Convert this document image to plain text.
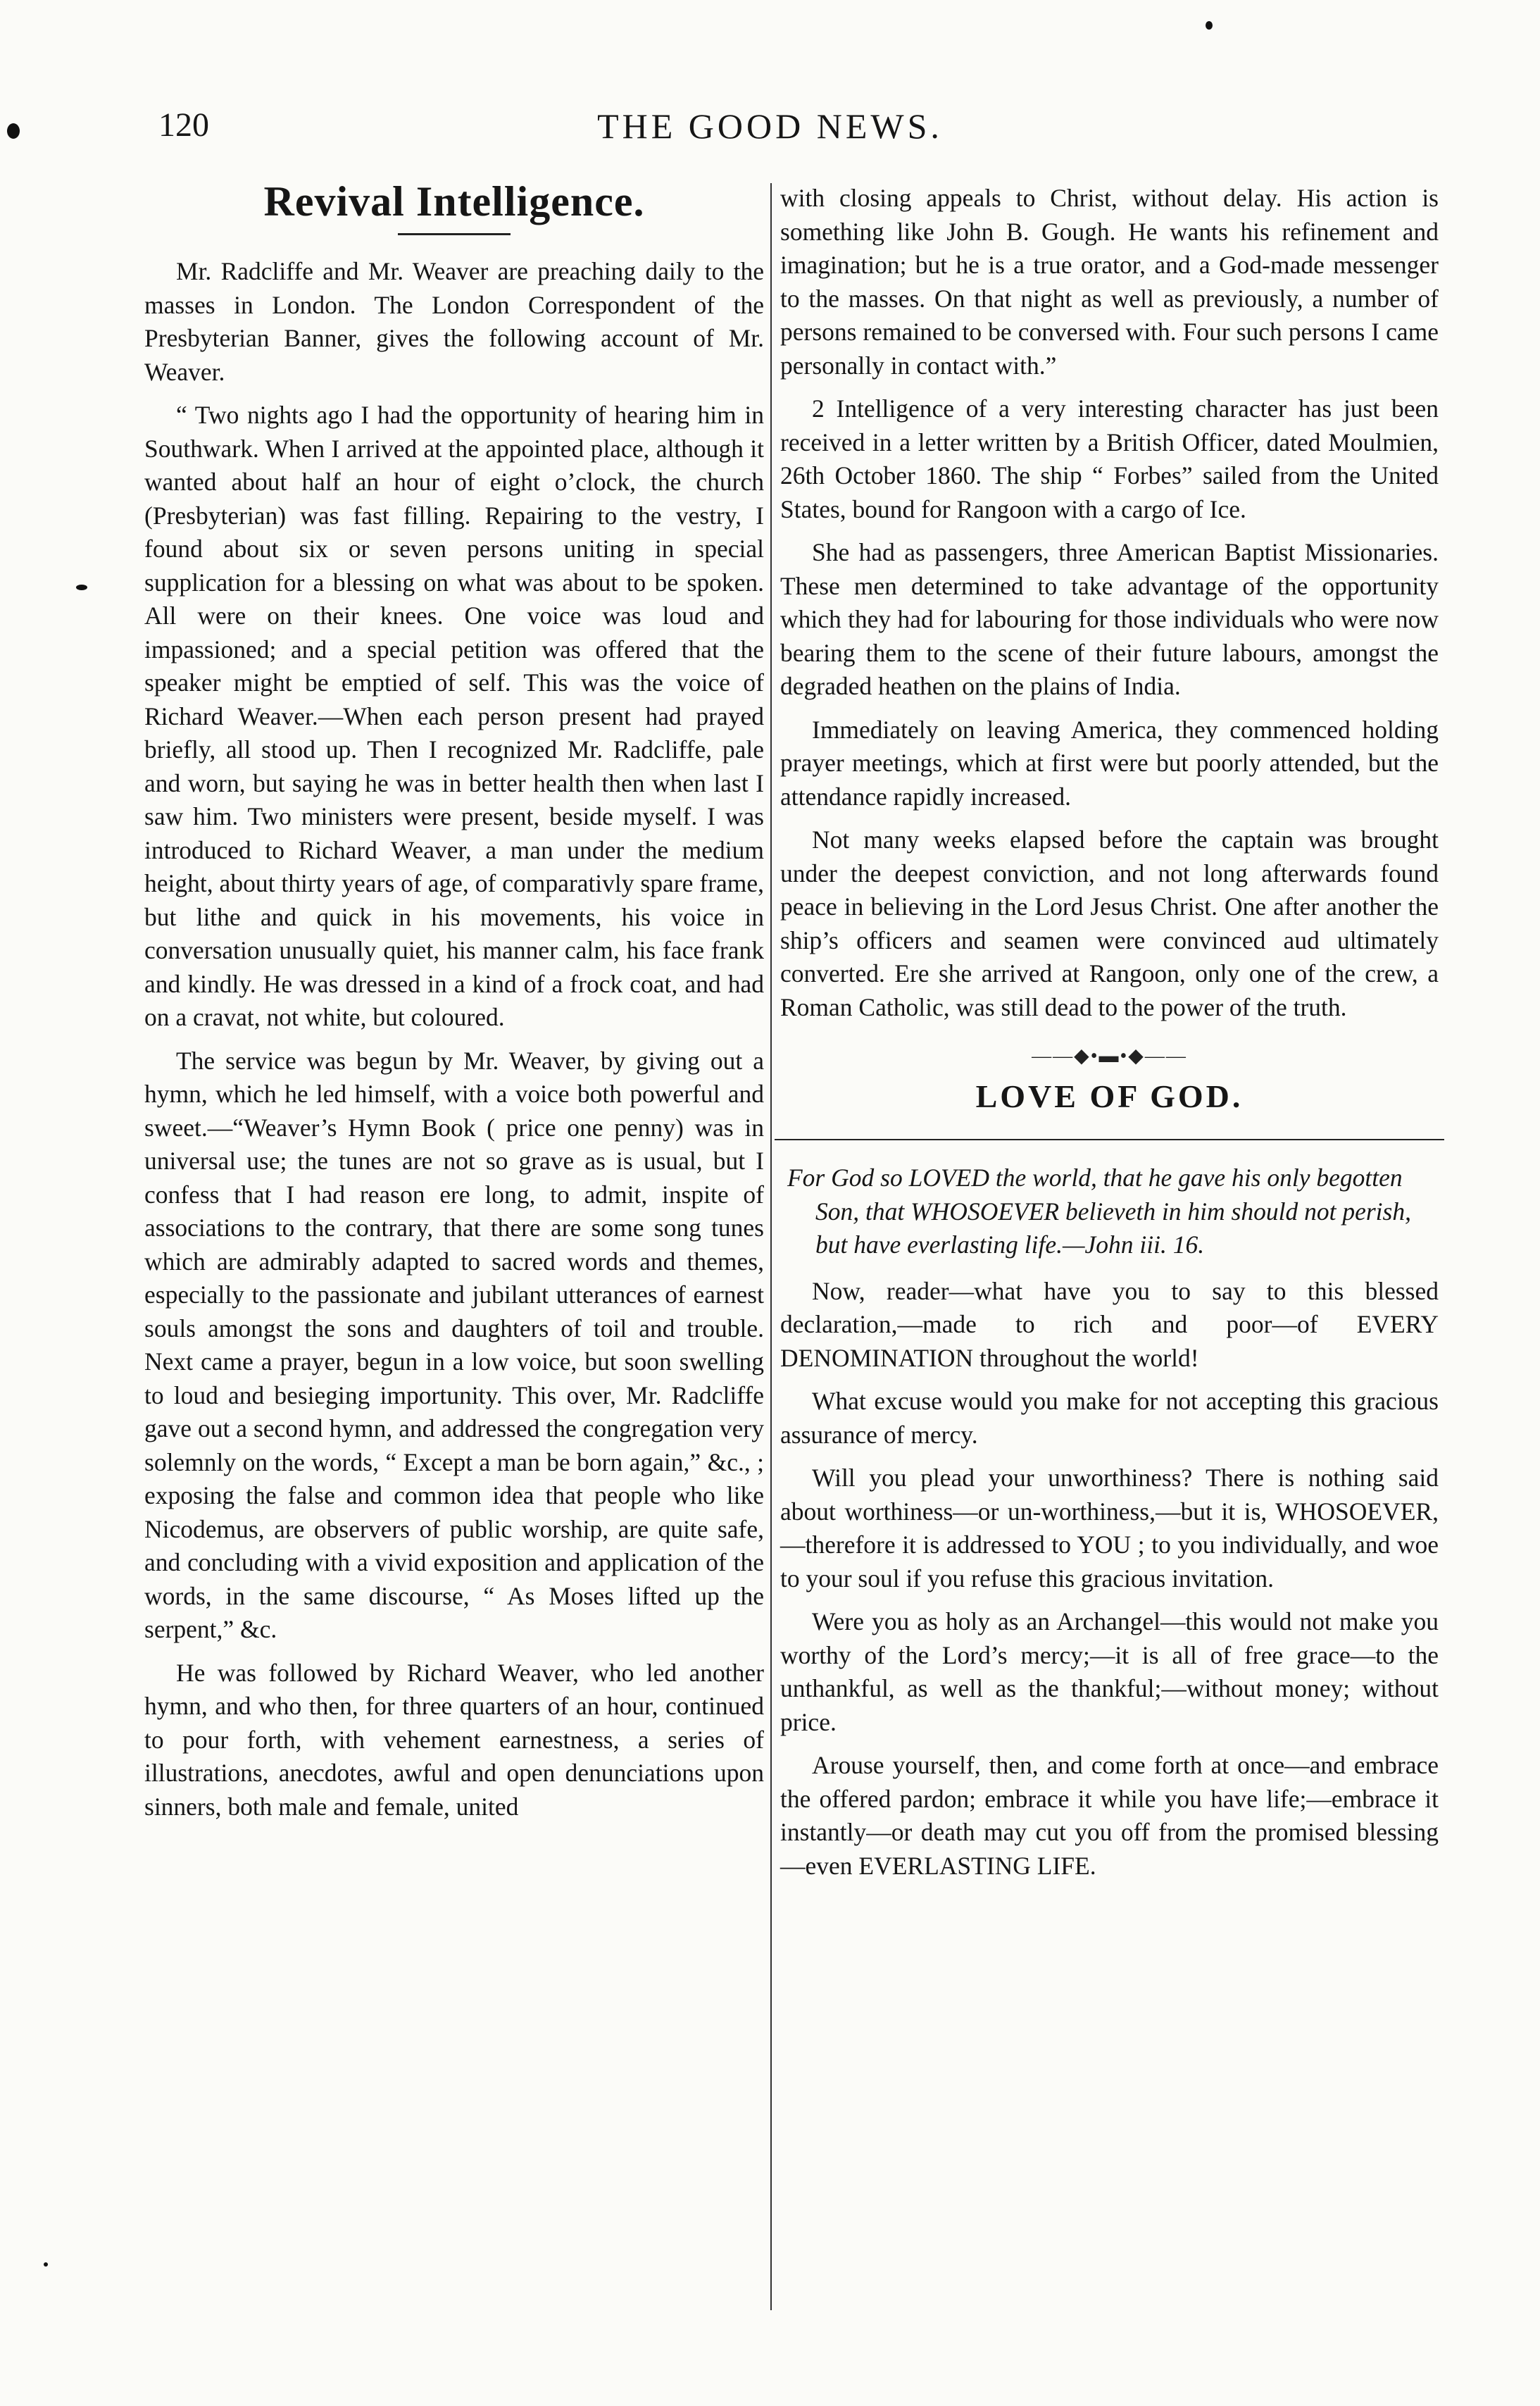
120	THE GOOD NEWS.
Revival Intelligence.

Mr. Radcliffe and Mr. Weaver are preaching daily to the masses in London. The London Correspondent of the Presbyterian Banner, gives the following account of Mr. Weaver.

“ Two nights ago I had the opportunity of hearing him in Southwark. When I arrived at the appointed place, although it wanted about half an hour of eight o’clock, the church (Presbyterian) was fast filling. Repairing to the vestry, I found about six or seven persons uniting in special supplication for a blessing on what was about to be spoken. All were on their knees. One voice was loud and impassioned; and a special petition was offered that the speaker might be emptied of self. This was the voice of Richard Weaver.—When each person present had prayed briefly, all stood up. Then I recognized Mr. Radcliffe, pale and worn, but saying he was in better health then when last I saw him. Two ministers were present, beside myself. I was introduced to Richard Weaver, a man under the medium height, about thirty years of age, of comparativly spare frame, but lithe and quick in his movements, his voice in conversation unusually quiet, his manner calm, his face frank and kindly. He was dressed in a kind of a frock coat, and had on a cravat, not white, but coloured.

The service was begun by Mr. Weaver, by giving out a hymn, which he led himself, with a voice both powerful and sweet.—“Weaver’s Hymn Book ( price one penny) was in universal use; the tunes are not so grave as is usual, but I confess that I had reason ere long, to admit, inspite of associations to the contrary, that there are some song tunes which are admirably adapted to sacred words and themes, especially to the passionate and jubilant utterances of earnest souls amongst the sons and daughters of toil and trouble. Next came a prayer, begun in a low voice, but soon swelling to loud and besieging importunity. This over, Mr. Radcliffe gave out a second hymn, and addressed the congregation very solemnly on the words, “ Except a man be born again,” &c., ; exposing the false and common idea that people who like Nicodemus, are observers of public worship, are quite safe, and concluding with a vivid exposition and application of the words, in the same discourse, “ As Moses lifted up the serpent,” &c.

He was followed by Richard Weaver, who led another hymn, and who then, for three quarters of an hour, continued to pour forth, with vehement earnestness, a series of illustrations, anecdotes, awful and open denunciations upon sinners, both male and female, united

with closing appeals to Christ, without delay. His action is something like John B. Gough. He wants his refinement and imagination; but he is a true orator, and a God-made messenger to the masses. On that night as well as previously, a number of persons remained to be conversed with. Four such persons I came personally in contact with.”

2 Intelligence of a very interesting character has just been received in a letter written by a British Officer, dated Moulmien, 26th October 1860. The ship “ Forbes” sailed from the United States, bound for Rangoon with a cargo of Ice.

She had as passengers, three American Baptist Missionaries. These men determined to take advantage of the opportunity which they had for labouring for those individuals who were now bearing them to the scene of their future labours, amongst the degraded heathen on the plains of India.

Immediately on leaving America, they commenced holding prayer meetings, which at first were but poorly attended, but the attendance rapidly increased.

Not many weeks elapsed before the captain was brought under the deepest conviction, and not long afterwards found peace in believing in the Lord Jesus Christ. One after another the ship’s officers and seamen were convinced aud ultimately converted. Ere she arrived at Rangoon, only one of the crew, a Roman Catholic, was still dead to the power of the truth.

——◆•▬•◆——
LOVE OF GOD.

For God so LOVED the world, that he gave his only begotten Son, that WHOSOEVER believeth in him should not perish, but have everlasting life.—John iii. 16.

Now, reader—what have you to say to this blessed declaration,—made to rich and poor—of EVERY DENOMINATION throughout the world!

What excuse would you make for not accepting this gracious assurance of mercy.

Will you plead your unworthiness? There is nothing said about worthiness—or un-worthiness,—but it is, WHOSOEVER,—therefore it is addressed to YOU ; to you individually, and woe to your soul if you refuse this gracious invitation.

Were you as holy as an Archangel—this would not make you worthy of the Lord’s mercy;—it is all of free grace—to the unthankful, as well as the thankful;—without money; without price.

Arouse yourself, then, and come forth at once—and embrace the offered pardon; embrace it while you have life;—embrace it instantly—or death may cut you off from the promised blessing—even EVERLASTING LIFE.
